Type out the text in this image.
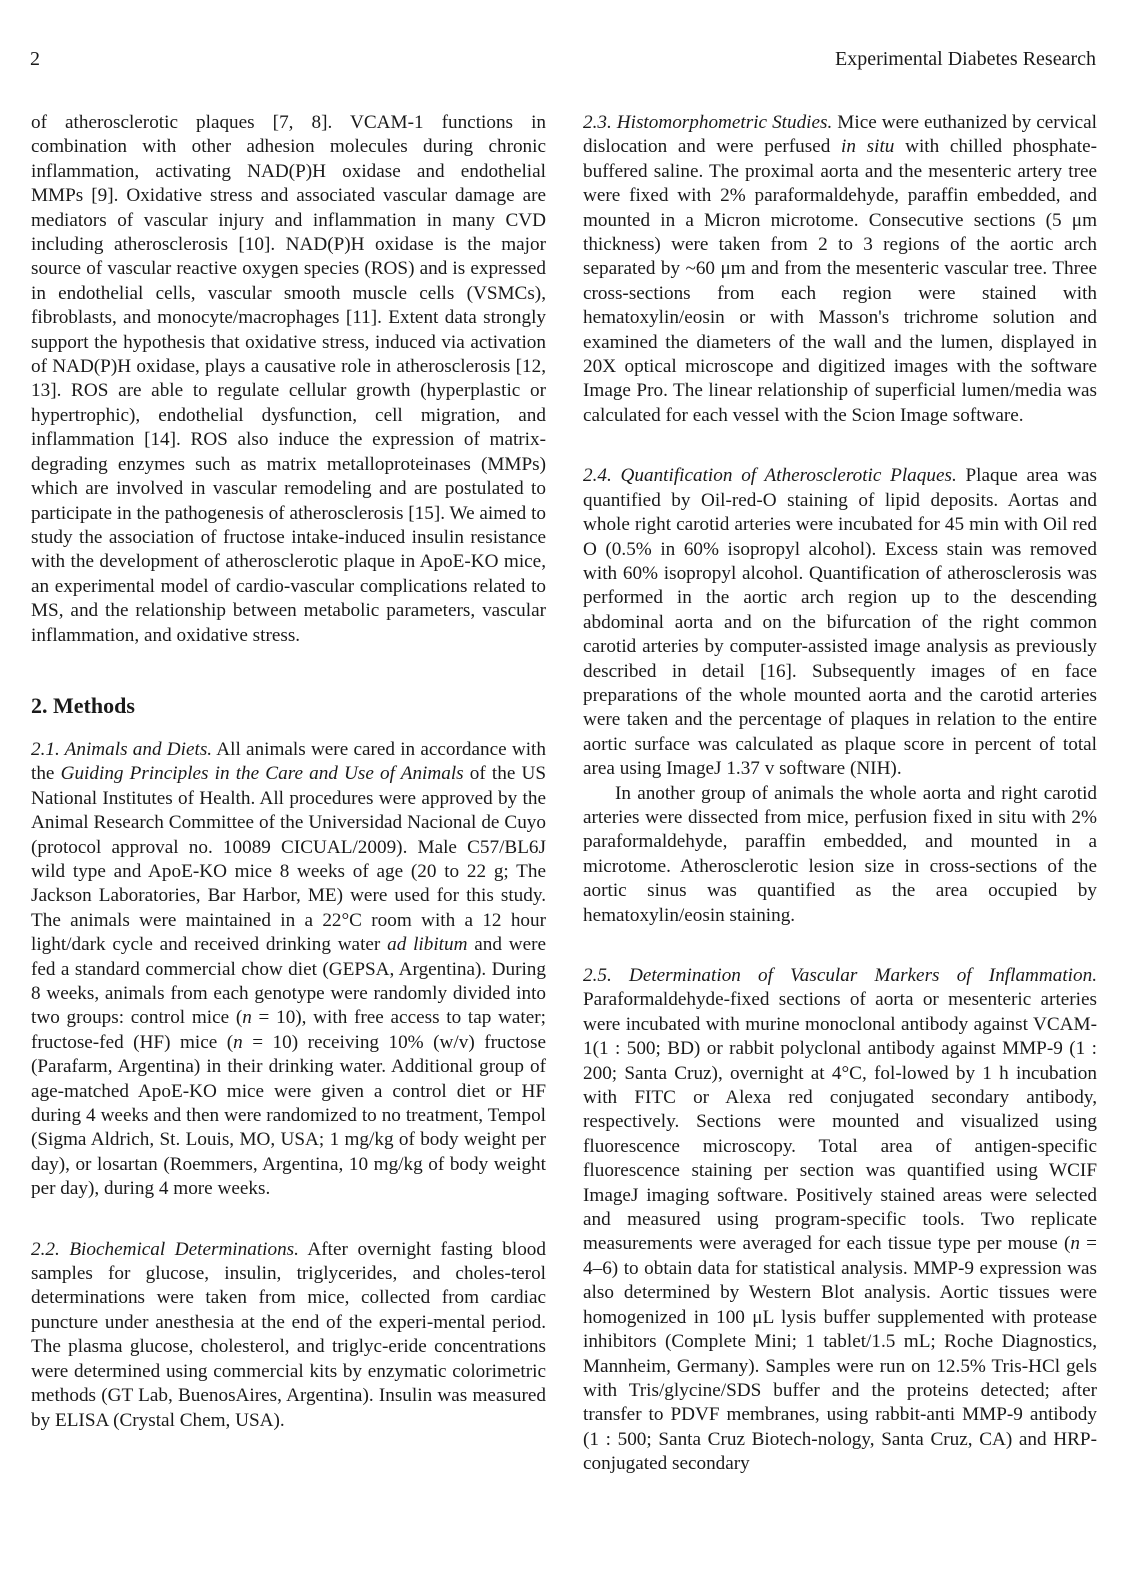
2	Experimental Diabetes Research

of atherosclerotic plaques [7, 8]. VCAM-1 functions in combination with other adhesion molecules during chronic inflammation, activating NAD(P)H oxidase and endothelial MMPs [9]. Oxidative stress and associated vascular damage are mediators of vascular injury and inflammation in many CVD including atherosclerosis [10]. NAD(P)H oxidase is the major source of vascular reactive oxygen species (ROS) and is expressed in endothelial cells, vascular smooth muscle cells (VSMCs), fibroblasts, and monocyte/macrophages [11]. Extent data strongly support the hypothesis that oxidative stress, induced via activation of NAD(P)H oxidase, plays a causative role in atherosclerosis [12, 13]. ROS are able to regulate cellular growth (hyperplastic or hypertrophic), endothelial dysfunction, cell migration, and inflammation [14]. ROS also induce the expression of matrix-degrading enzymes such as matrix metalloproteinases (MMPs) which are involved in vascular remodeling and are postulated to participate in the pathogenesis of atherosclerosis [15]. We aimed to study the association of fructose intake-induced insulin resistance with the development of atherosclerotic plaque in ApoE-KO mice, an experimental model of cardio-vascular complications related to MS, and the relationship between metabolic parameters, vascular inflammation, and oxidative stress.

2. Methods

2.1. Animals and Diets. All animals were cared in accordance with the Guiding Principles in the Care and Use of Animals of the US National Institutes of Health. All procedures were approved by the Animal Research Committee of the Universidad Nacional de Cuyo (protocol approval no. 10089 CICUAL/2009). Male C57/BL6J wild type and ApoE-KO mice 8 weeks of age (20 to 22 g; The Jackson Laboratories, Bar Harbor, ME) were used for this study. The animals were maintained in a 22°C room with a 12 hour light/dark cycle and received drinking water ad libitum and were fed a standard commercial chow diet (GEPSA, Argentina). During 8 weeks, animals from each genotype were randomly divided into two groups: control mice (n = 10), with free access to tap water; fructose-fed (HF) mice (n = 10) receiving 10% (w/v) fructose (Parafarm, Argentina) in their drinking water. Additional group of age-matched ApoE-KO mice were given a control diet or HF during 4 weeks and then were randomized to no treatment, Tempol (Sigma Aldrich, St. Louis, MO, USA; 1 mg/kg of body weight per day), or losartan (Roemmers, Argentina, 10 mg/kg of body weight per day), during 4 more weeks.

2.2. Biochemical Determinations. After overnight fasting blood samples for glucose, insulin, triglycerides, and choles-terol determinations were taken from mice, collected from cardiac puncture under anesthesia at the end of the experi-mental period. The plasma glucose, cholesterol, and triglyc-eride concentrations were determined using commercial kits by enzymatic colorimetric methods (GT Lab, BuenosAires, Argentina). Insulin was measured by ELISA (Crystal Chem, USA).

2.3. Histomorphometric Studies. Mice were euthanized by cervical dislocation and were perfused in situ with chilled phosphate-buffered saline. The proximal aorta and the mesenteric artery tree were fixed with 2% paraformaldehyde, paraffin embedded, and mounted in a Micron microtome. Consecutive sections (5 μm thickness) were taken from 2 to 3 regions of the aortic arch separated by ~60 μm and from the mesenteric vascular tree. Three cross-sections from each region were stained with hematoxylin/eosin or with Masson's trichrome solution and examined the diameters of the wall and the lumen, displayed in 20X optical microscope and digitized images with the software Image Pro. The linear relationship of superficial lumen/media was calculated for each vessel with the Scion Image software.

2.4. Quantification of Atherosclerotic Plaques. Plaque area was quantified by Oil-red-O staining of lipid deposits. Aortas and whole right carotid arteries were incubated for 45 min with Oil red O (0.5% in 60% isopropyl alcohol). Excess stain was removed with 60% isopropyl alcohol. Quantification of atherosclerosis was performed in the aortic arch region up to the descending abdominal aorta and on the bifurcation of the right common carotid arteries by computer-assisted image analysis as previously described in detail [16]. Subsequently images of en face preparations of the whole mounted aorta and the carotid arteries were taken and the percentage of plaques in relation to the entire aortic surface was calculated as plaque score in percent of total area using ImageJ 1.37 v software (NIH).

In another group of animals the whole aorta and right carotid arteries were dissected from mice, perfusion fixed in situ with 2% paraformaldehyde, paraffin embedded, and mounted in a microtome. Atherosclerotic lesion size in cross-sections of the aortic sinus was quantified as the area occupied by hematoxylin/eosin staining.

2.5. Determination of Vascular Markers of Inflammation. Paraformaldehyde-fixed sections of aorta or mesenteric arteries were incubated with murine monoclonal antibody against VCAM-1(1 : 500; BD) or rabbit polyclonal antibody against MMP-9 (1 : 200; Santa Cruz), overnight at 4°C, fol-lowed by 1 h incubation with FITC or Alexa red conjugated secondary antibody, respectively. Sections were mounted and visualized using fluorescence microscopy. Total area of antigen-specific fluorescence staining per section was quantified using WCIF ImageJ imaging software. Positively stained areas were selected and measured using program-specific tools. Two replicate measurements were averaged for each tissue type per mouse (n = 4–6) to obtain data for statistical analysis. MMP-9 expression was also determined by Western Blot analysis. Aortic tissues were homogenized in 100 μL lysis buffer supplemented with protease inhibitors (Complete Mini; 1 tablet/1.5 mL; Roche Diagnostics, Mannheim, Germany). Samples were run on 12.5% Tris-HCl gels with Tris/glycine/SDS buffer and the proteins detected; after transfer to PDVF membranes, using rabbit-anti MMP-9 antibody (1 : 500; Santa Cruz Biotech-nology, Santa Cruz, CA) and HRP-conjugated secondary
